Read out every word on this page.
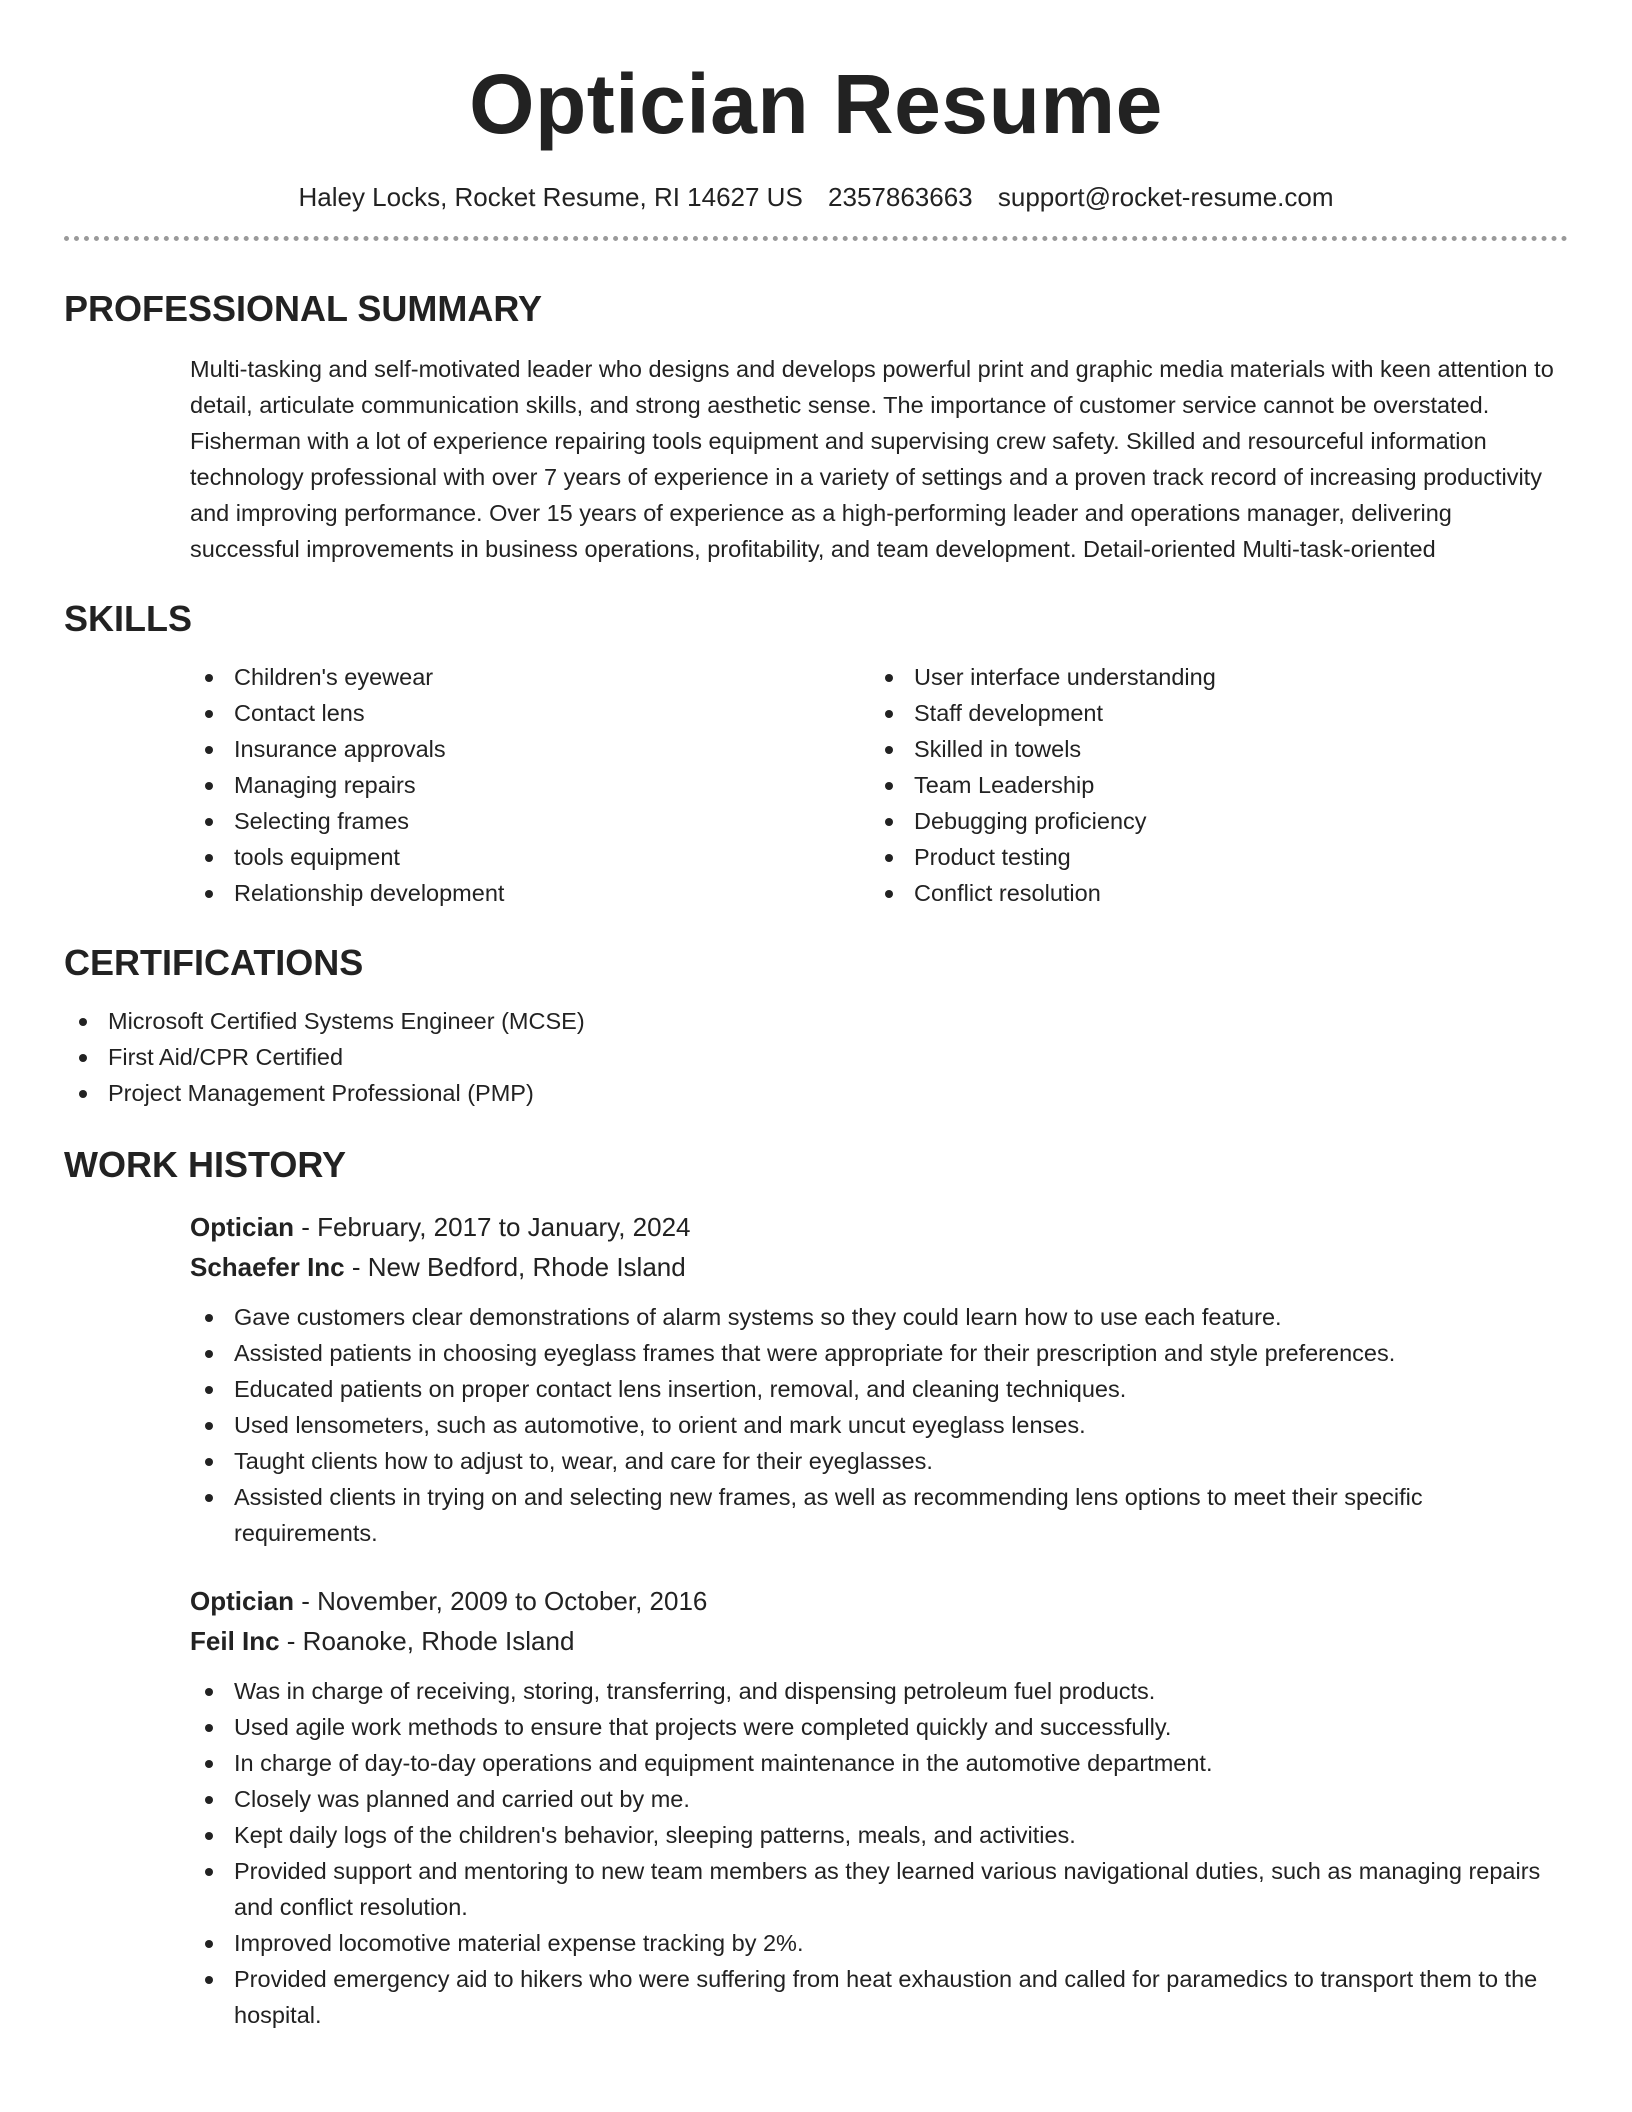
Optician Resume
Haley Locks, Rocket Resume, RI 14627 US 2357863663 support@rocket-resume.com
PROFESSIONAL SUMMARY

Multi-tasking and self-motivated leader who designs and develops powerful print and graphic media materials with keen attention to detail, articulate communication skills, and strong aesthetic sense. The importance of customer service cannot be overstated. Fisherman with a lot of experience repairing tools equipment and supervising crew safety. Skilled and resourceful information technology professional with over 7 years of experience in a variety of settings and a proven track record of increasing productivity and improving performance. Over 15 years of experience as a high-performing leader and operations manager, delivering successful improvements in business operations, profitability, and team development. Detail-oriented Multi-task-oriented

SKILLS
Children's eyewear
Contact lens
Insurance approvals
Managing repairs
Selecting frames
tools equipment
Relationship development
User interface understanding
Staff development
Skilled in towels
Team Leadership
Debugging proficiency
Product testing
Conflict resolution
CERTIFICATIONS
Microsoft Certified Systems Engineer (MCSE)
First Aid/CPR Certified
Project Management Professional (PMP)
WORK HISTORY
Optician - February, 2017 to January, 2024
Schaefer Inc - New Bedford, Rhode Island
Gave customers clear demonstrations of alarm systems so they could learn how to use each feature.
Assisted patients in choosing eyeglass frames that were appropriate for their prescription and style preferences.
Educated patients on proper contact lens insertion, removal, and cleaning techniques.
Used lensometers, such as automotive, to orient and mark uncut eyeglass lenses.
Taught clients how to adjust to, wear, and care for their eyeglasses.
Assisted clients in trying on and selecting new frames, as well as recommending lens options to meet their specific requirements.
Optician - November, 2009 to October, 2016
Feil Inc - Roanoke, Rhode Island
Was in charge of receiving, storing, transferring, and dispensing petroleum fuel products.
Used agile work methods to ensure that projects were completed quickly and successfully.
In charge of day-to-day operations and equipment maintenance in the automotive department.
Closely was planned and carried out by me.
Kept daily logs of the children's behavior, sleeping patterns, meals, and activities.
Provided support and mentoring to new team members as they learned various navigational duties, such as managing repairs and conflict resolution.
Improved locomotive material expense tracking by 2%.
Provided emergency aid to hikers who were suffering from heat exhaustion and called for paramedics to transport them to the hospital.
